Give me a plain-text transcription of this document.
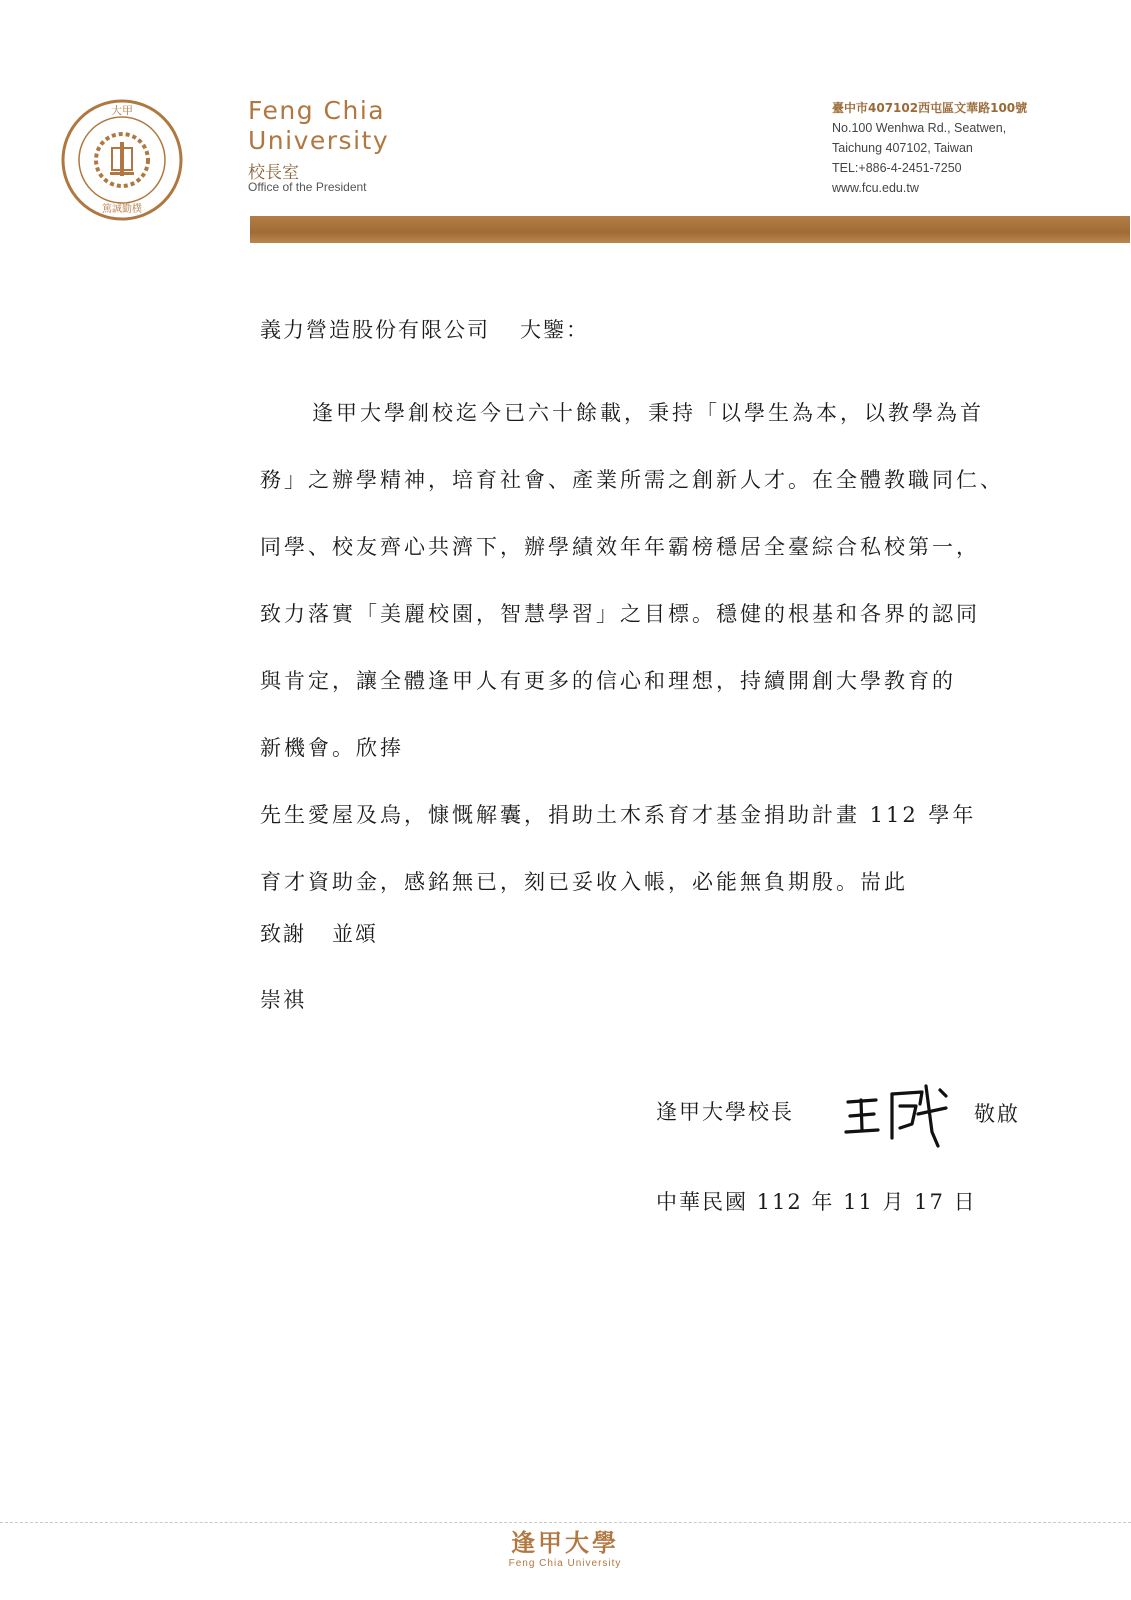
大甲
篤誠勤樸
Feng Chia
University
校長室
Office of the President
臺中市407102西屯區文華路100號
No.100 Wenhwa Rd., Seatwen,
Taichung 407102, Taiwan
TEL:+886-4-2451-7250
www.fcu.edu.tw
義力營造股份有限公司 大鑒：

逢甲大學創校迄今已六十餘載，秉持「以學生為本，以教學為首

務」之辦學精神，培育社會、產業所需之創新人才。在全體教職同仁、

同學、校友齊心共濟下，辦學績效年年霸榜穩居全臺綜合私校第一，

致力落實「美麗校園，智慧學習」之目標。穩健的根基和各界的認同

與肯定，讓全體逢甲人有更多的信心和理想，持續開創大學教育的

新機會。欣捧

先生愛屋及烏，慷慨解囊，捐助土木系育才基金捐助計畫 112 學年

育才資助金，感銘無已，刻已妥收入帳，必能無負期殷。耑此

致謝 並頌
崇祺
逢甲大學校長	敬啟
中華民國 112 年 11 月 17 日
逢甲大學
Feng Chia University
